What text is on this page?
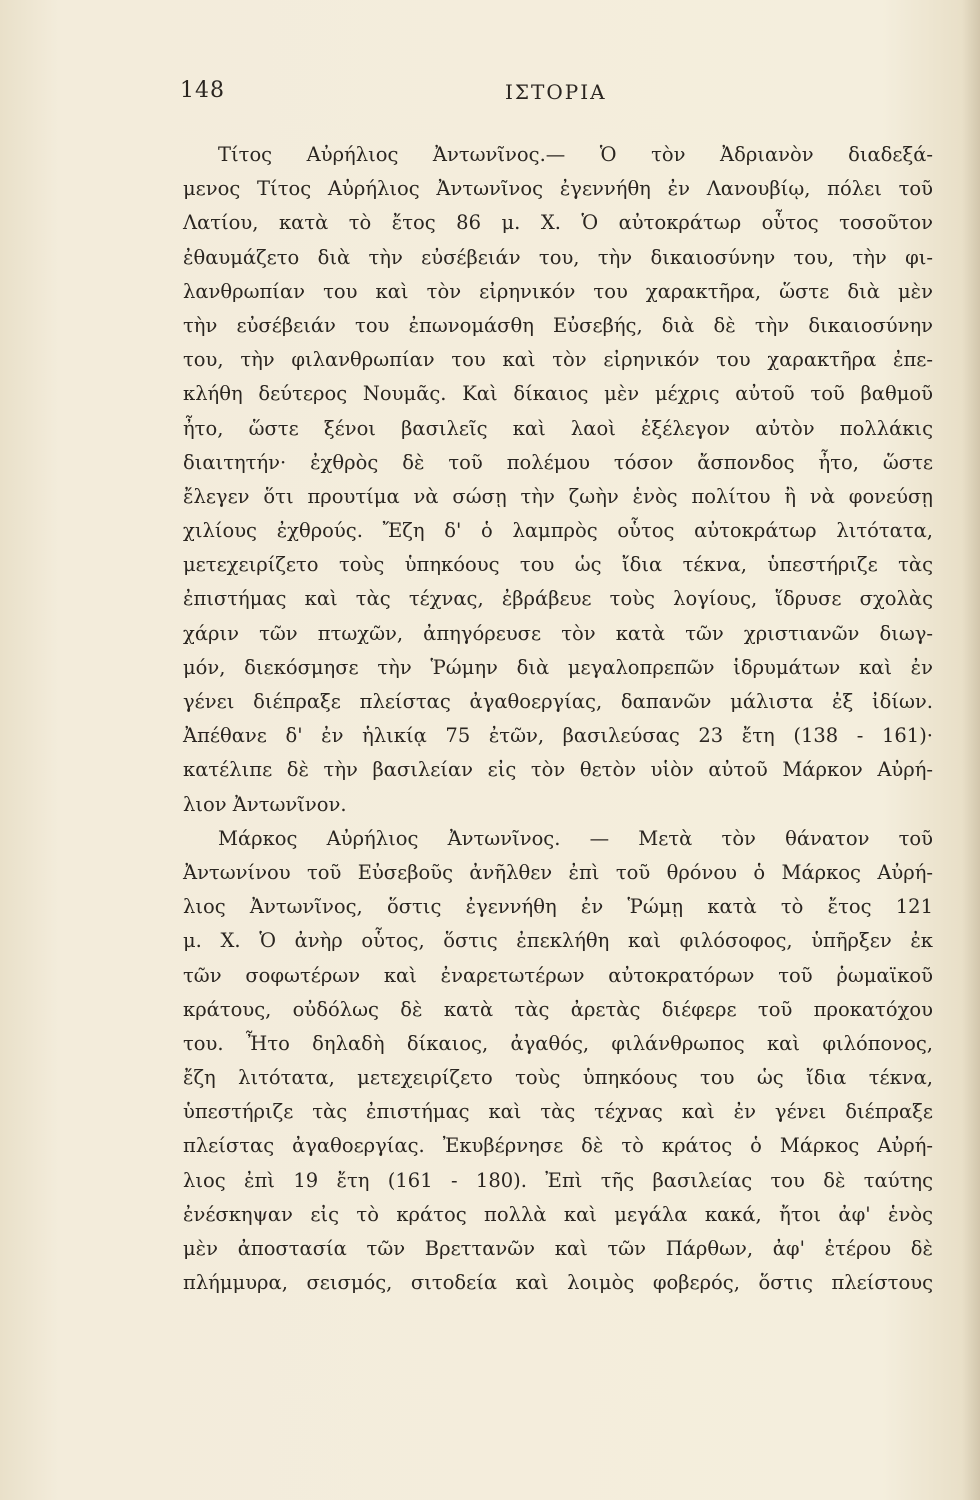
148	ΙΣΤΟΡΙΑ
Τίτος Αὐρήλιος Ἀντωνῖνος.— Ὁ τὸν Ἀδριανὸν διαδεξά-
μενος Τίτος Αὐρήλιος Ἀντωνῖνος ἐγεννήθη ἐν Λανουβίῳ, πόλει τοῦ
Λατίου, κατὰ τὸ ἔτος 86 μ. Χ. Ὁ αὐτοκράτωρ οὗτος τοσοῦτον
ἐθαυμάζετο διὰ τὴν εὐσέβειάν του, τὴν δικαιοσύνην του, τὴν φι-
λανθρωπίαν του καὶ τὸν εἰρηνικόν του χαρακτῆρα, ὥστε διὰ μὲν
τὴν εὐσέβειάν του ἐπωνομάσθη Εὐσεβής, διὰ δὲ τὴν δικαιοσύνην
του, τὴν φιλανθρωπίαν του καὶ τὸν εἰρηνικόν του χαρακτῆρα ἐπε-
κλήθη δεύτερος Νουμᾶς. Καὶ δίκαιος μὲν μέχρις αὐτοῦ τοῦ βαθμοῦ
ἦτο, ὥστε ξένοι βασιλεῖς καὶ λαοὶ ἐξέλεγον αὐτὸν πολλάκις
διαιτητήν· ἐχθρὸς δὲ τοῦ πολέμου τόσον ἄσπονδος ἦτο, ὥστε
ἔλεγεν ὅτι προυτίμα νὰ σώσῃ τὴν ζωὴν ἑνὸς πολίτου ἢ νὰ φονεύσῃ
χιλίους ἐχθρούς. Ἔζη δ' ὁ λαμπρὸς οὗτος αὐτοκράτωρ λιτότατα,
μετεχειρίζετο τοὺς ὑπηκόους του ὡς ἴδια τέκνα, ὑπεστήριζε τὰς
ἐπιστήμας καὶ τὰς τέχνας, ἐβράβευε τοὺς λογίους, ἵδρυσε σχολὰς
χάριν τῶν πτωχῶν, ἀπηγόρευσε τὸν κατὰ τῶν χριστιανῶν διωγ-
μόν, διεκόσμησε τὴν Ῥώμην διὰ μεγαλοπρεπῶν ἱδρυμάτων καὶ ἐν
γένει διέπραξε πλείστας ἀγαθοεργίας, δαπανῶν μάλιστα ἐξ ἰδίων.
Ἀπέθανε δ' ἐν ἡλικίᾳ 75 ἐτῶν, βασιλεύσας 23 ἔτη (138 - 161)·
κατέλιπε δὲ τὴν βασιλείαν εἰς τὸν θετὸν υἱὸν αὐτοῦ Μάρκον Αὐρή-
λιον Ἀντωνῖνον.
Μάρκος Αὐρήλιος Ἀντωνῖνος. — Μετὰ τὸν θάνατον τοῦ
Ἀντωνίνου τοῦ Εὐσεβοῦς ἀνῆλθεν ἐπὶ τοῦ θρόνου ὁ Μάρκος Αὐρή-
λιος Ἀντωνῖνος, ὅστις ἐγεννήθη ἐν Ῥώμῃ κατὰ τὸ ἔτος 121
μ. Χ. Ὁ ἀνὴρ οὗτος, ὅστις ἐπεκλήθη καὶ φιλόσοφος, ὑπῆρξεν ἐκ
τῶν σοφωτέρων καὶ ἐναρετωτέρων αὐτοκρατόρων τοῦ ῥωμαϊκοῦ
κράτους, οὐδόλως δὲ κατὰ τὰς ἀρετὰς διέφερε τοῦ προκατόχου
του. Ἦτο δηλαδὴ δίκαιος, ἀγαθός, φιλάνθρωπος καὶ φιλόπονος,
ἔζη λιτότατα, μετεχειρίζετο τοὺς ὑπηκόους του ὡς ἴδια τέκνα,
ὑπεστήριζε τὰς ἐπιστήμας καὶ τὰς τέχνας καὶ ἐν γένει διέπραξε
πλείστας ἀγαθοεργίας. Ἐκυβέρνησε δὲ τὸ κράτος ὁ Μάρκος Αὐρή-
λιος ἐπὶ 19 ἔτη (161 - 180). Ἐπὶ τῆς βασιλείας του δὲ ταύτης
ἐνέσκηψαν εἰς τὸ κράτος πολλὰ καὶ μεγάλα κακά, ἤτοι ἀφ' ἑνὸς
μὲν ἀποστασία τῶν Βρεττανῶν καὶ τῶν Πάρθων, ἀφ' ἑτέρου δὲ
πλήμμυρα, σεισμός, σιτοδεία καὶ λοιμὸς φοβερός, ὅστις πλείστους
